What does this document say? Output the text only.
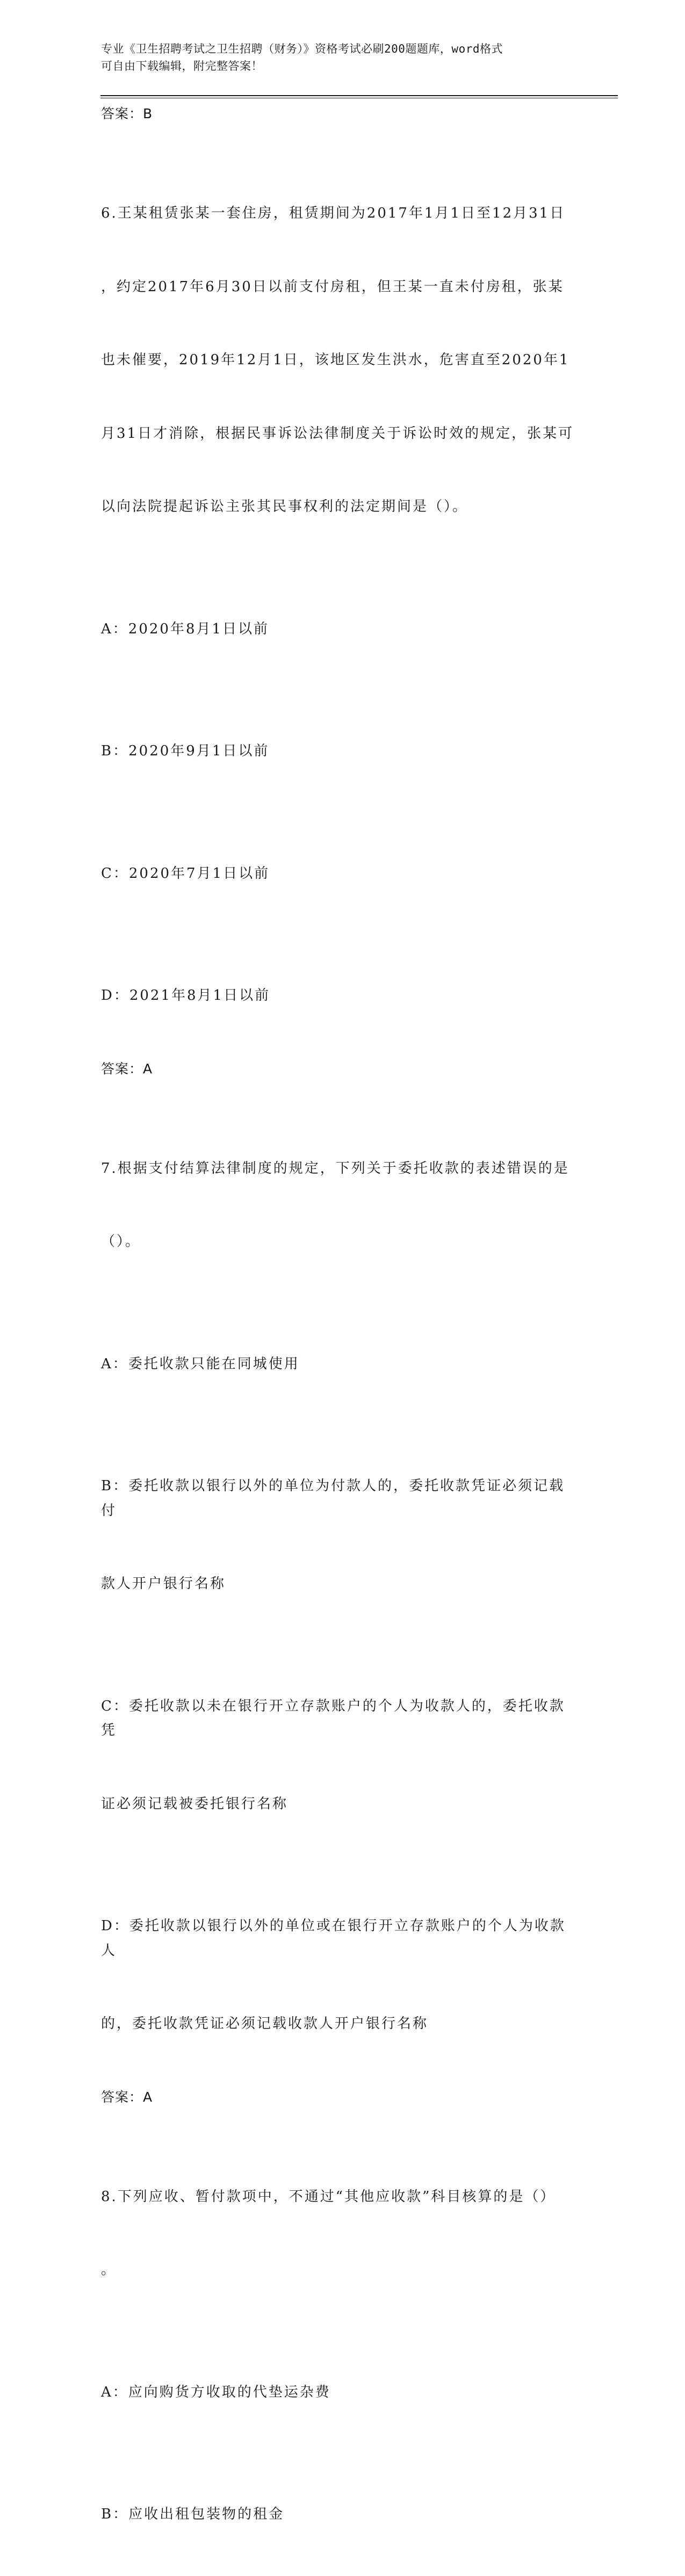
专业《卫生招聘考试之卫生招聘（财务）》资格考试必刷200题题库，word格式
可自由下载编辑，附完整答案！
答案：B

6.王某租赁张某一套住房，租赁期间为2017年1月1日至12月31日

，约定2017年6月30日以前支付房租，但王某一直未付房租，张某

也未催要，2019年12月1日，该地区发生洪水，危害直至2020年1

月31日才消除，根据民事诉讼法律制度关于诉讼时效的规定，张某可

以向法院提起诉讼主张其民事权利的法定期间是（）。

A：2020年8月1日以前

B：2020年9月1日以前

C：2020年7月1日以前

D：2021年8月1日以前

答案：A

7.根据支付结算法律制度的规定，下列关于委托收款的表述错误的是

（）。

A：委托收款只能在同城使用

B：委托收款以银行以外的单位为付款人的，委托收款凭证必须记载付

款人开户银行名称

C：委托收款以未在银行开立存款账户的个人为收款人的，委托收款凭

证必须记载被委托银行名称

D：委托收款以银行以外的单位或在银行开立存款账户的个人为收款人

的，委托收款凭证必须记载收款人开户银行名称

答案：A

8.下列应收、暂付款项中，不通过“其他应收款”科目核算的是（）

。

A：应向购货方收取的代垫运杂费

B：应收出租包装物的租金
